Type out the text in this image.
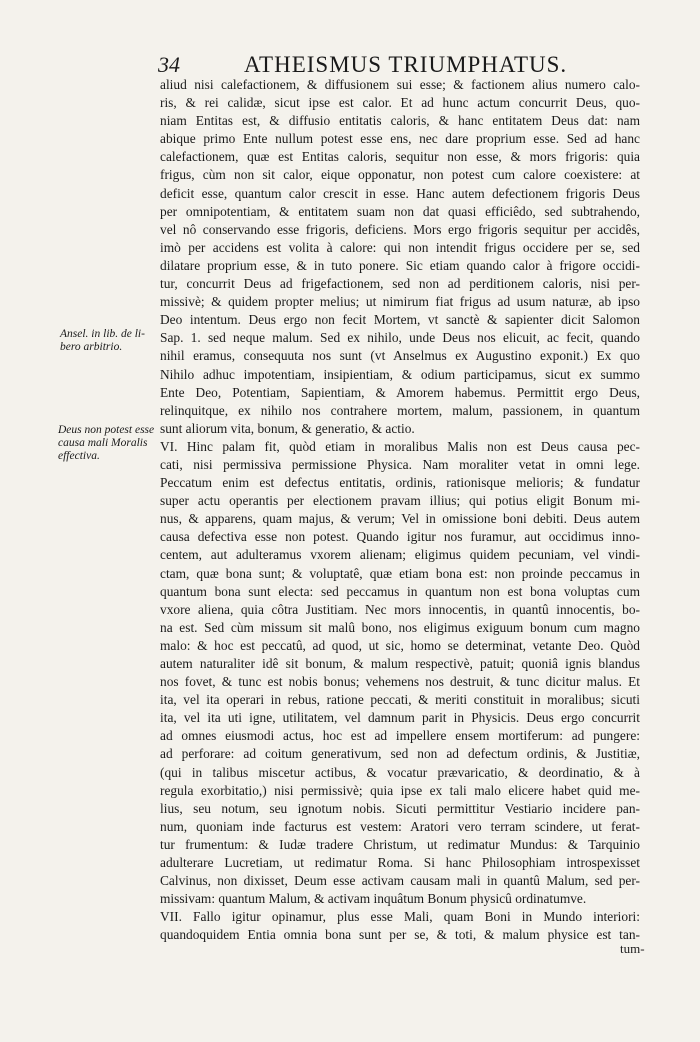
34	ATHEISMUS TRIUMPHATUS.
Ansel. in lib. de li-
bero arbitrio.
Deus non potest esse
causa mali Moralis
effectiva.
aliud nisi calefactionem, & diffusionem sui esse; & factionem alius numero calo-
ris, & rei calidæ, sicut ipse est calor. Et ad hunc actum concurrit Deus, quo-
niam Entitas est, & diffusio entitatis caloris, & hanc entitatem Deus dat: nam
abique primo Ente nullum potest esse ens, nec dare proprium esse. Sed ad hanc
calefactionem, quæ est Entitas caloris, sequitur non esse, & mors frigoris: quia
frigus, cùm non sit calor, eique opponatur, non potest cum calore coexistere: at
deficit esse, quantum calor crescit in esse. Hanc autem defectionem frigoris Deus
per omnipotentiam, & entitatem suam non dat quasi efficiêdo, sed subtrahendo,
vel nô conservando esse frigoris, deficiens. Mors ergo frigoris sequitur per accidês,
imò per accidens est volita à calore: qui non intendit frigus occidere per se, sed
dilatare proprium esse, & in tuto ponere. Sic etiam quando calor à frigore occidi-
tur, concurrit Deus ad frigefactionem, sed non ad perditionem caloris, nisi per-
missivè; & quidem propter melius; ut nimirum fiat frigus ad usum naturæ, ab ipso
Deo intentum. Deus ergo non fecit Mortem, vt sanctè & sapienter dicit Salomon
Sap. 1. sed neque malum. Sed ex nihilo, unde Deus nos elicuit, ac fecit, quando
nihil eramus, consequuta nos sunt (vt Anselmus ex Augustino exponit.) Ex quo
Nihilo adhuc impotentiam, insipientiam, & odium participamus, sicut ex summo
Ente Deo, Potentiam, Sapientiam, & Amorem habemus. Permittit ergo Deus,
relinquitque, ex nihilo nos contrahere mortem, malum, passionem, in quantum
sunt aliorum vita, bonum, & generatio, & actio.
VI. Hinc palam fit, quòd etiam in moralibus Malis non est Deus causa pec-
cati, nisi permissiva permissione Physica. Nam moraliter vetat in omni lege.
Peccatum enim est defectus entitatis, ordinis, rationisque melioris; & fundatur
super actu operantis per electionem pravam illius; qui potius eligit Bonum mi-
nus, & apparens, quam majus, & verum; Vel in omissione boni debiti. Deus autem
causa defectiva esse non potest. Quando igitur nos furamur, aut occidimus inno-
centem, aut adulteramus vxorem alienam; eligimus quidem pecuniam, vel vindi-
ctam, quæ bona sunt; & voluptatê, quæ etiam bona est: non proinde peccamus in
quantum bona sunt electa: sed peccamus in quantum non est bona voluptas cum
vxore aliena, quia côtra Justitiam. Nec mors innocentis, in quantû innocentis, bo-
na est. Sed cùm missum sit malû bono, nos eligimus exiguum bonum cum magno
malo: & hoc est peccatû, ad quod, ut sic, homo se determinat, vetante Deo. Quòd
autem naturaliter idê sit bonum, & malum respectivè, patuit; quoniâ ignis blandus
nos fovet, & tunc est nobis bonus; vehemens nos destruit, & tunc dicitur malus. Et
ita, vel ita operari in rebus, ratione peccati, & meriti constituit in moralibus; sicuti
ita, vel ita uti igne, utilitatem, vel damnum parit in Physicis. Deus ergo concurrit
ad omnes eiusmodi actus, hoc est ad impellere ensem mortiferum: ad pungere:
ad perforare: ad coitum generativum, sed non ad defectum ordinis, & Justitiæ,
(qui in talibus miscetur actibus, & vocatur prævaricatio, & deordinatio, & à
regula exorbitatio,) nisi permissivè; quia ipse ex tali malo elicere habet quid me-
lius, seu notum, seu ignotum nobis. Sicuti permittitur Vestiario incidere pan-
num, quoniam inde facturus est vestem: Aratori vero terram scindere, ut ferat-
tur frumentum: & Iudæ tradere Christum, ut redimatur Mundus: & Tarquinio
adulterare Lucretiam, ut redimatur Roma. Si hanc Philosophiam introspexisset
Calvinus, non dixisset, Deum esse activam causam mali in quantû Malum, sed per-
missivam: quantum Malum, & activam inquâtum Bonum physicû ordinatumve.
VII. Fallo igitur opinamur, plus esse Mali, quam Boni in Mundo interiori:
quandoquidem Entia omnia bona sunt per se, & toti, & malum physice est tan-
tum-
